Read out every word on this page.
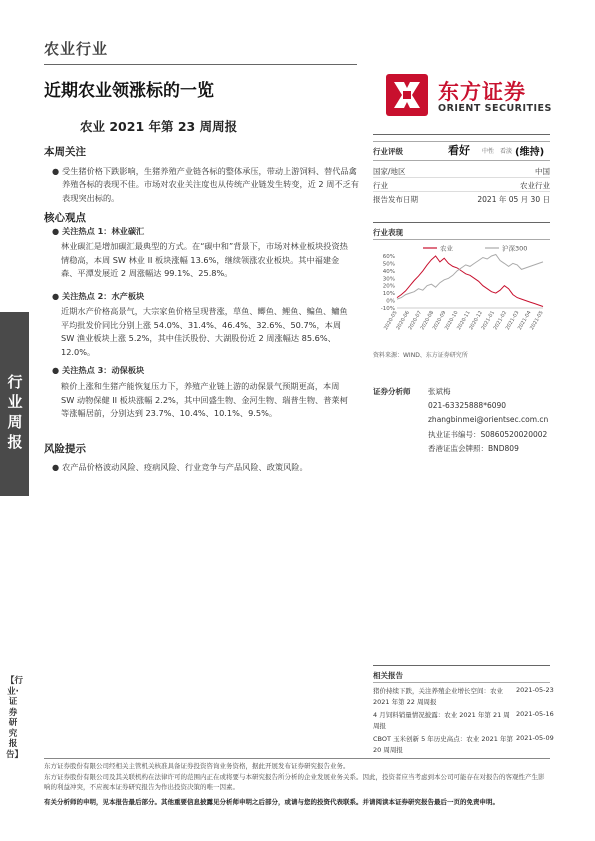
农业行业
近期农业领涨标的一览
农业 2021 年第 23 周周报
东方证券
ORIENT SECURITIES
行业周报
【行业·证券研究报告】
本周关注
● 受生猪价格下跌影响，生猪养殖产业链各标的整体承压，带动上游饲料、替代品禽养殖各标的表现不佳。市场对农业关注度也从传统产业链发生转变，近 2 周不乏有表现突出标的。
核心观点
● 关注热点 1：林业碳汇
林业碳汇是增加碳汇最典型的方式。在“碳中和”背景下，市场对林业板块投资热情稳高，本周 SW 林业 II 板块涨幅 13.6%，继续领涨农业板块。其中福建金森、平潭发展近 2 周涨幅达 99.1%、25.8%。
● 关注热点 2：水产板块
近期水产价格高景气，大宗家鱼价格呈现普涨，草鱼、鲫鱼、鲤鱼、鳊鱼、鳙鱼平均批发价同比分别上涨 54.0%、31.4%、46.4%、32.6%、50.7%，本周 SW 渔业板块上涨 5.2%，其中佳沃股份、大湖股份近 2 周涨幅达 85.6%、12.0%。
● 关注热点 3：动保板块
粮价上涨和生猪产能恢复压力下，养殖产业链上游的动保景气预期更高，本周 SW 动物保健 II 板块涨幅 2.2%，其中回盛生物、金河生物、瑞普生物、普莱柯等涨幅居前，分别达到 23.7%、10.4%、10.1%、9.5%。
风险提示
● 农产品价格波动风险、疫病风险、行业竞争与产品风险、政策风险。
行业评级	看好 中性 看淡 (维持)
国家/地区	中国
行业	农业行业
报告发布日期	2021 年 05 月 30 日
行业表现
农业	沪深300
60%
50%
40%
30%
20%
10%
0%
-10%
2020-05
2020-06
2020-07
2020-08
2020-09
2020-10
2020-11
2020-12
2021-01
2021-02
2021-03
2021-04
2021-05
资料来源：WIND、东方证券研究所
证券分析师 张斌梅
021-63325888*6090
zhangbinmei@orientsec.com.cn
执业证书编号：S0860520020002
香港证监会牌照：BND809
相关报告
猪价持续下跌，关注养殖企业增长空间：农业 2021 年第 22 周周报
2021-05-23
4 月饲料销量情况披露：农业 2021 年第 21 周周报
2021-05-16
CBOT 玉米创新 5 年历史高点：农业 2021 年第 20 周周报
2021-05-09
东方证券股份有限公司经相关主管机关核准具备证券投资咨询业务资格，据此开展发布证券研究报告业务。
东方证券股份有限公司及其关联机构在法律许可的范围内正在或将要与本研究报告所分析的企业发展业务关系。因此，投资者应当考虑到本公司可能存在对报告的客观性产生影响的利益冲突，不应视本证券研究报告为作出投资决策的唯一因素。
有关分析师的申明，见本报告最后部分。其他重要信息披露见分析师申明之后部分，或请与您的投资代表联系。并请阅读本证券研究报告最后一页的免责申明。
